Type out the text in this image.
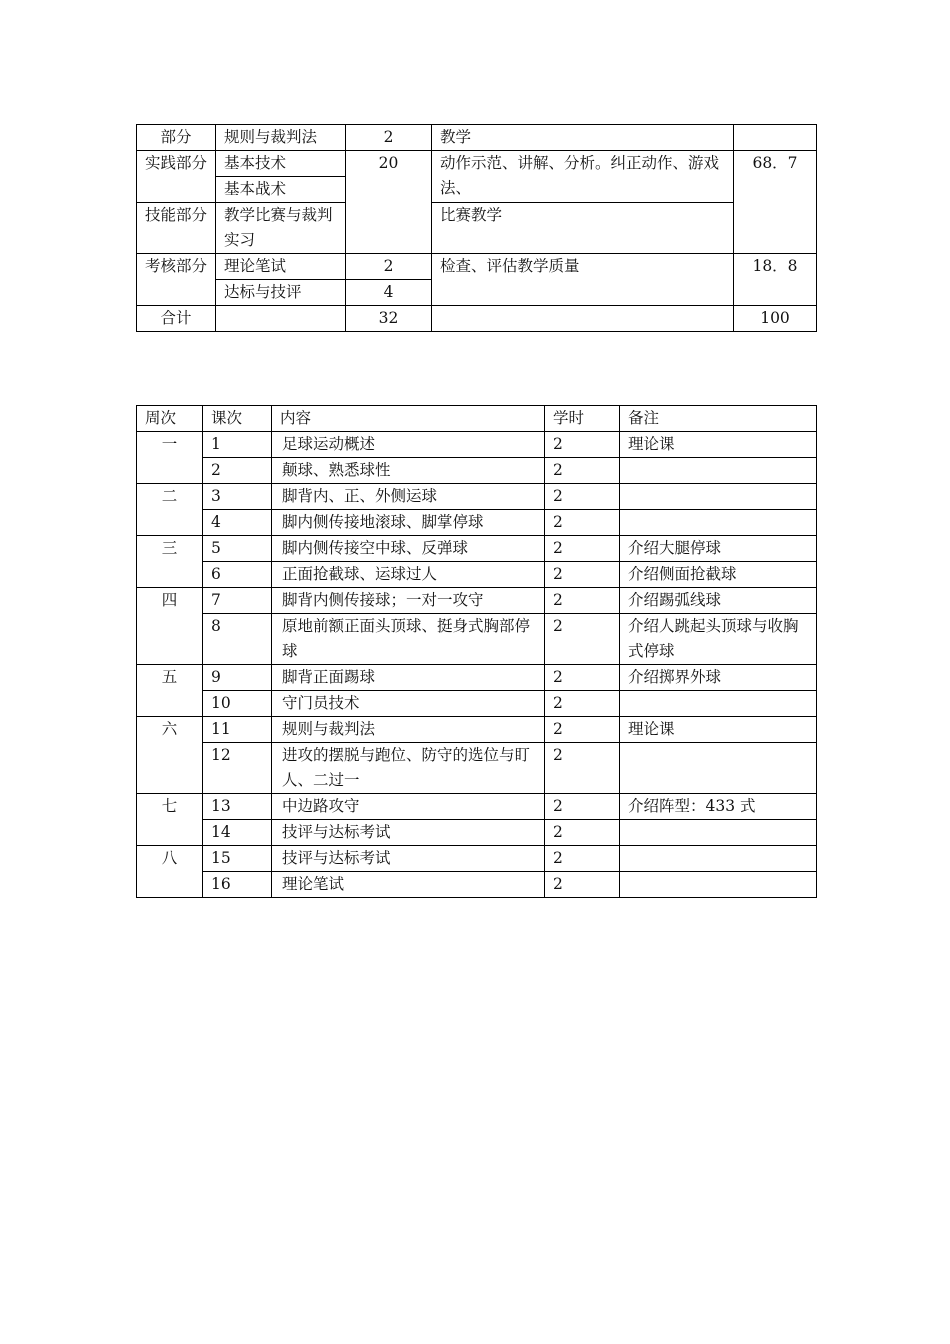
部分	规则与裁判法	2	教学	
实践部分	基本技术	20	动作示范、讲解、分析。纠正动作、游戏法、	68．7
	基本战术			
技能部分	教学比赛与裁判实习		比赛教学	

考核部分	理论笔试	2	检查、评估教学质量	18．8
	达标与技评	4		
合计		32		100
周次	课次	内容	学时	备注
一	1	足球运动概述	2	理论课
	2	颠球、熟悉球性	2	
二	3	脚背内、正、外侧运球	2	
	4	脚内侧传接地滚球、脚掌停球	2	
三	5	脚内侧传接空中球、反弹球	2	介绍大腿停球
	6	正面抢截球、运球过人	2	介绍侧面抢截球
四	7	脚背内侧传接球；一对一攻守	2	介绍踢弧线球
	8	原地前额正面头顶球、挺身式胸部停球	2	介绍人跳起头顶球与收胸式停球
五	9	脚背正面踢球	2	介绍掷界外球
	10	守门员技术	2	
六	11	规则与裁判法	2	理论课
	12	进攻的摆脱与跑位、防守的选位与盯人、二过一	2	
七	13	中边路攻守	2	介绍阵型：433 式
	14	技评与达标考试	2	
八	15	技评与达标考试	2	
	16	理论笔试	2	
